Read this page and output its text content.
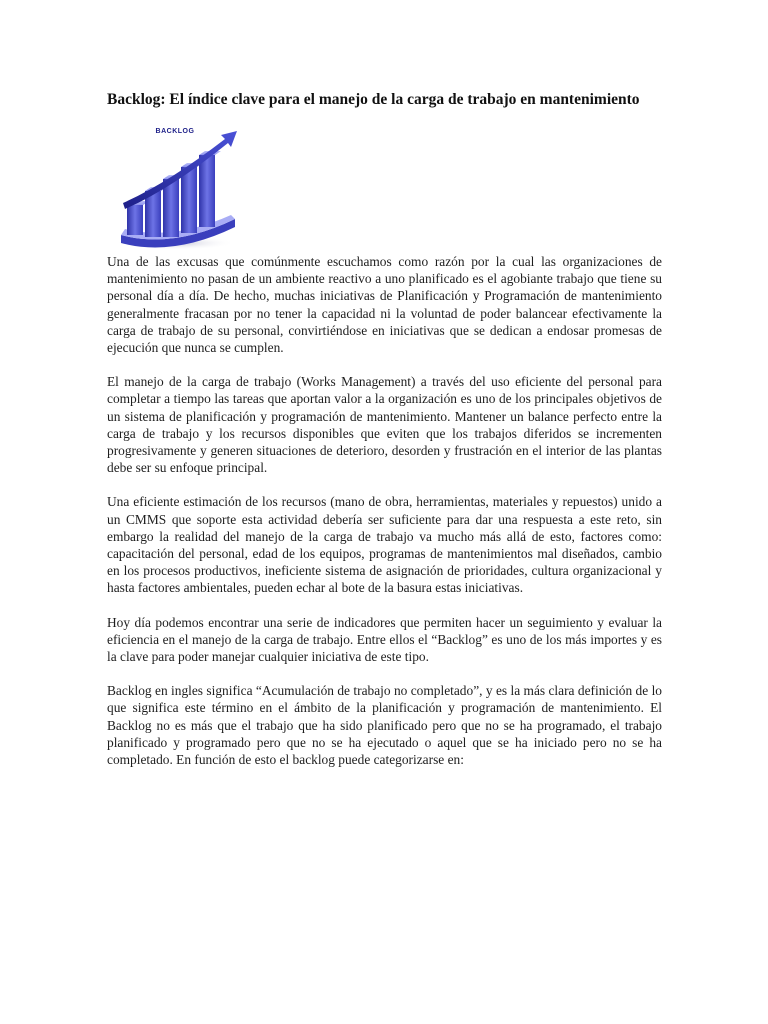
Backlog: El índice clave para el manejo de la carga de trabajo en mantenimiento
BACKLOG

Una de las excusas que comúnmente escuchamos como razón por la cual las organizaciones de mantenimiento no pasan de un ambiente reactivo a uno planificado es el agobiante trabajo que tiene su personal día a día. De hecho, muchas iniciativas de Planificación y Programación de mantenimiento generalmente fracasan por no tener la capacidad ni la voluntad de poder balancear efectivamente la carga de trabajo de su personal, convirtiéndose en iniciativas que se dedican a endosar promesas de ejecución que nunca se cumplen.

El manejo de la carga de trabajo (Works Management) a través del uso eficiente del personal para completar a tiempo las tareas que aportan valor a la organización es uno de los principales objetivos de un sistema de planificación y programación de mantenimiento. Mantener un balance perfecto entre la carga de trabajo y los recursos disponibles que eviten que los trabajos diferidos se incrementen progresivamente y generen situaciones de deterioro, desorden y frustración en el interior de las plantas debe ser su enfoque principal.

Una eficiente estimación de los recursos (mano de obra, herramientas, materiales y repuestos) unido a un CMMS que soporte esta actividad debería ser suficiente para dar una respuesta a este reto, sin embargo la realidad del manejo de la carga de trabajo va mucho más allá de esto, factores como: capacitación del personal, edad de los equipos, programas de mantenimientos mal diseñados, cambio en los procesos productivos, ineficiente sistema de asignación de prioridades, cultura organizacional y hasta factores ambientales, pueden echar al bote de la basura estas iniciativas.

Hoy día podemos encontrar una serie de indicadores que permiten hacer un seguimiento y evaluar la eficiencia en el manejo de la carga de trabajo. Entre ellos el “Backlog” es uno de los más importes y es la clave para poder manejar cualquier iniciativa de este tipo.

Backlog en ingles significa “Acumulación de trabajo no completado”, y es la más clara definición de lo que significa este término en el ámbito de la planificación y programación de mantenimiento. El Backlog no es más que el trabajo que ha sido planificado pero que no se ha programado, el trabajo planificado y programado pero que no se ha ejecutado o aquel que se ha iniciado pero no se ha completado. En función de esto el backlog puede categorizarse en:
